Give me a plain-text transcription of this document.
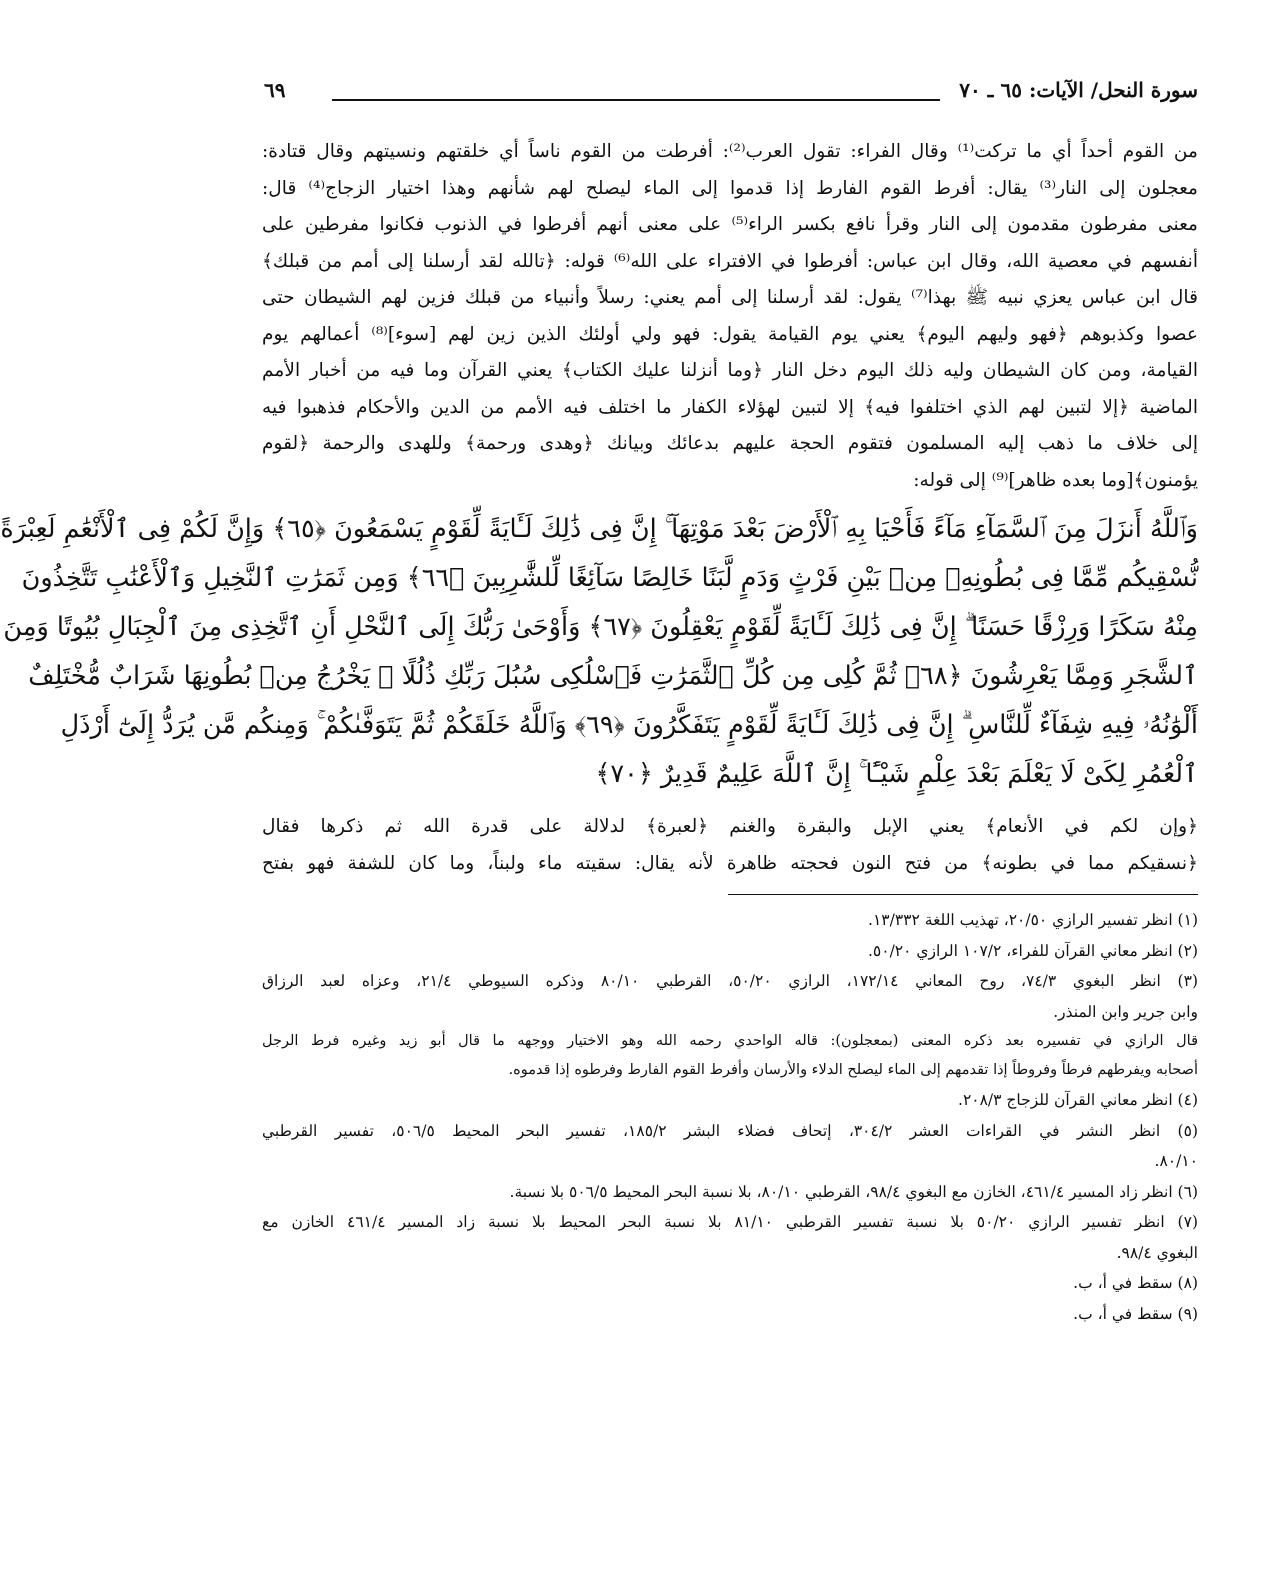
سورة النحل/ الآيات: ٦٥ ـ ٧٠
٦٩
من القوم أحداً أي ما تركت⁽¹⁾ وقال الفراء: تقول العرب⁽²⁾: أفرطت من القوم ناساً أي خلقتهم ونسيتهم وقال قتادة:
معجلون إلى النار⁽³⁾ يقال: أفرط القوم الفارط إذا قدموا إلى الماء ليصلح لهم شأنهم وهذا اختيار الزجاج⁽⁴⁾ قال:
معنى مفرطون مقدمون إلى النار وقرأ نافع بكسر الراء⁽⁵⁾ على معنى أنهم أفرطوا في الذنوب فكانوا مفرطين على
أنفسهم في معصية الله، وقال ابن عباس: أفرطوا في الافتراء على الله⁽⁶⁾ قوله: ﴿تالله لقد أرسلنا إلى أمم من قبلك﴾
قال ابن عباس يعزي نبيه ﷺ بهذا⁽⁷⁾ يقول: لقد أرسلنا إلى أمم يعني: رسلاً وأنبياء من قبلك فزين لهم الشيطان حتى
عصوا وكذبوهم ﴿فهو وليهم اليوم﴾ يعني يوم القيامة يقول: فهو ولي أولئك الذين زين لهم [سوء]⁽⁸⁾ أعمالهم يوم
القيامة، ومن كان الشيطان وليه ذلك اليوم دخل النار ﴿وما أنزلنا عليك الكتاب﴾ يعني القرآن وما فيه من أخبار الأمم
الماضية ﴿إلا لتبين لهم الذي اختلفوا فيه﴾ إلا لتبين لهؤلاء الكفار ما اختلف فيه الأمم من الدين والأحكام فذهبوا فيه
إلى خلاف ما ذهب إليه المسلمون فتقوم الحجة عليهم بدعائك وبيانك ﴿وهدى ورحمة﴾ وللهدى والرحمة ﴿لقوم
يؤمنون﴾[وما بعده ظاهر]⁽⁹⁾ إلى قوله:
وَٱللَّهُ أَنزَلَ مِنَ ٱلسَّمَآءِ مَآءً فَأَحْيَا بِهِ ٱلْأَرْضَ بَعْدَ مَوْتِهَآ ۚ إِنَّ فِى ذَٰلِكَ لَـَٔايَةً لِّقَوْمٍ يَسْمَعُونَ ﴿٦٥﴾ وَإِنَّ لَكُمْ فِى ٱلْأَنْعَٰمِ لَعِبْرَةً
نُّسْقِيكُم مِّمَّا فِى بُطُونِهِۦ مِنۢ بَيْنِ فَرْثٍ وَدَمٍ لَّبَنًا خَالِصًا سَآئِغًا لِّلشَّٰرِبِينَ ﴿٦٦﴾ وَمِن ثَمَرَٰتِ ٱلنَّخِيلِ وَٱلْأَعْنَٰبِ تَتَّخِذُونَ
مِنْهُ سَكَرًا وَرِزْقًا حَسَنًا ۗ إِنَّ فِى ذَٰلِكَ لَـَٔايَةً لِّقَوْمٍ يَعْقِلُونَ ﴿٦٧﴾ وَأَوْحَىٰ رَبُّكَ إِلَى ٱلنَّحْلِ أَنِ ٱتَّخِذِى مِنَ ٱلْجِبَالِ بُيُوتًا وَمِنَ
ٱلشَّجَرِ وَمِمَّا يَعْرِشُونَ ﴿٦٨﴾ ثُمَّ كُلِى مِن كُلِّ ٱلثَّمَرَٰتِ فَٱسْلُكِى سُبُلَ رَبِّكِ ذُلُلًا ۚ يَخْرُجُ مِنۢ بُطُونِهَا شَرَابٌ مُّخْتَلِفٌ
أَلْوَٰنُهُۥ فِيهِ شِفَآءٌ لِّلنَّاسِ ۗ إِنَّ فِى ذَٰلِكَ لَـَٔايَةً لِّقَوْمٍ يَتَفَكَّرُونَ ﴿٦٩﴾ وَٱللَّهُ خَلَقَكُمْ ثُمَّ يَتَوَفَّىٰكُمْ ۚ وَمِنكُم مَّن يُرَدُّ إِلَىٰٓ أَرْذَلِ
ٱلْعُمُرِ لِكَىْ لَا يَعْلَمَ بَعْدَ عِلْمٍ شَيْـًٔا ۚ إِنَّ ٱللَّهَ عَلِيمٌ قَدِيرٌ ﴿٧٠﴾
﴿وإن لكم في الأنعام﴾ يعني الإبل والبقرة والغنم ﴿لعبرة﴾ لدلالة على قدرة الله ثم ذكرها فقال
﴿نسقيكم مما في بطونه﴾ من فتح النون فحجته ظاهرة لأنه يقال: سقيته ماء ولبناً، وما كان للشفة فهو بفتح
(١) انظر تفسير الرازي ٢٠/٥٠، تهذيب اللغة ١٣/٣٣٢.
(٢) انظر معاني القرآن للفراء، ١٠٧/٢ الرازي ٥٠/٢٠.
(٣) انظر البغوي ٧٤/٣، روح المعاني ١٧٢/١٤، الرازي ٥٠/٢٠، القرطبي ٨٠/١٠ وذكره السيوطي ٢١/٤، وعزاه لعبد الرزاق
وابن جرير وابن المنذر.
قال الرازي في تفسيره بعد ذكره المعنى (بمعجلون): قاله الواحدي رحمه الله وهو الاختيار ووجهه ما قال أبو زيد وغيره فرط الرجل
أصحابه ويفرطهم فرطاً وفروطاً إذا تقدمهم إلى الماء ليصلح الدلاء والأرسان وأفرط القوم الفارط وفرطوه إذا قدموه.
(٤) انظر معاني القرآن للزجاج ٢٠٨/٣.
(٥) انظر النشر في القراءات العشر ٣٠٤/٢، إتحاف فضلاء البشر ١٨٥/٢، تفسير البحر المحيط ٥٠٦/٥، تفسير القرطبي
٨٠/١٠.
(٦) انظر زاد المسير ٤٦١/٤، الخازن مع البغوي ٩٨/٤، القرطبي ٨٠/١٠، بلا نسبة البحر المحيط ٥٠٦/٥ بلا نسبة.
(٧) انظر تفسير الرازي ٥٠/٢٠ بلا نسبة تفسير القرطبي ٨١/١٠ بلا نسبة البحر المحيط بلا نسبة زاد المسير ٤٦١/٤ الخازن مع
البغوي ٩٨/٤.
(٨) سقط في أ، ب.
(٩) سقط في أ، ب.
